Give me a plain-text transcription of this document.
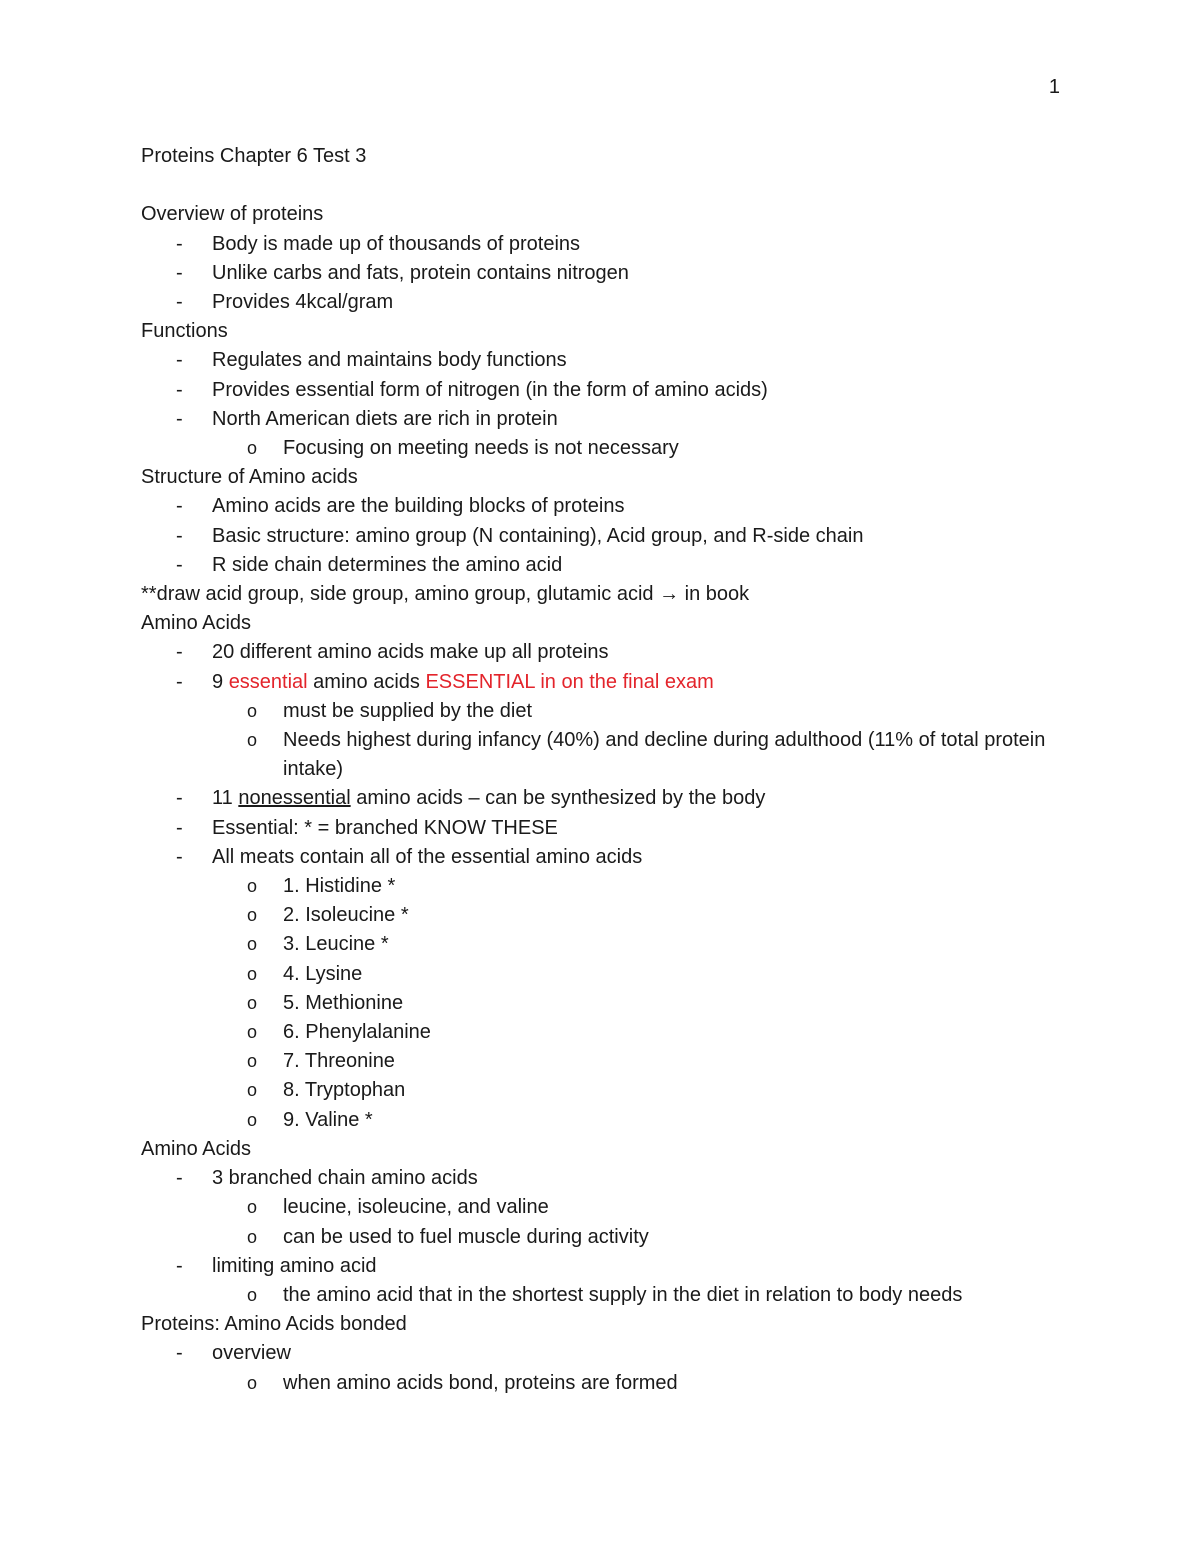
1
Proteins Chapter 6 Test 3
Overview of proteins
- Body is made up of thousands of proteins
- Unlike carbs and fats, protein contains nitrogen
- Provides 4kcal/gram
Functions
- Regulates and maintains body functions
- Provides essential form of nitrogen (in the form of amino acids)
- North American diets are rich in protein
o Focusing on meeting needs is not necessary
Structure of Amino acids
- Amino acids are the building blocks of proteins
- Basic structure: amino group (N containing), Acid group, and R-side chain
- R side chain determines the amino acid
**draw acid group, side group, amino group, glutamic acid → in book
Amino Acids
- 20 different amino acids make up all proteins
- 9 essential amino acids ESSENTIAL in on the final exam
o must be supplied by the diet
o Needs highest during infancy (40%) and decline during adulthood (11% of total protein intake)
- 11 nonessential amino acids – can be synthesized by the body
- Essential: * = branched KNOW THESE
- All meats contain all of the essential amino acids
o 1. Histidine *
o 2. Isoleucine *
o 3. Leucine *
o 4. Lysine
o 5. Methionine
o 6. Phenylalanine
o 7. Threonine
o 8. Tryptophan
o 9. Valine *
Amino Acids
- 3 branched chain amino acids
o leucine, isoleucine, and valine
o can be used to fuel muscle during activity
- limiting amino acid
o the amino acid that in the shortest supply in the diet in relation to body needs
Proteins: Amino Acids bonded
- overview
o when amino acids bond, proteins are formed
